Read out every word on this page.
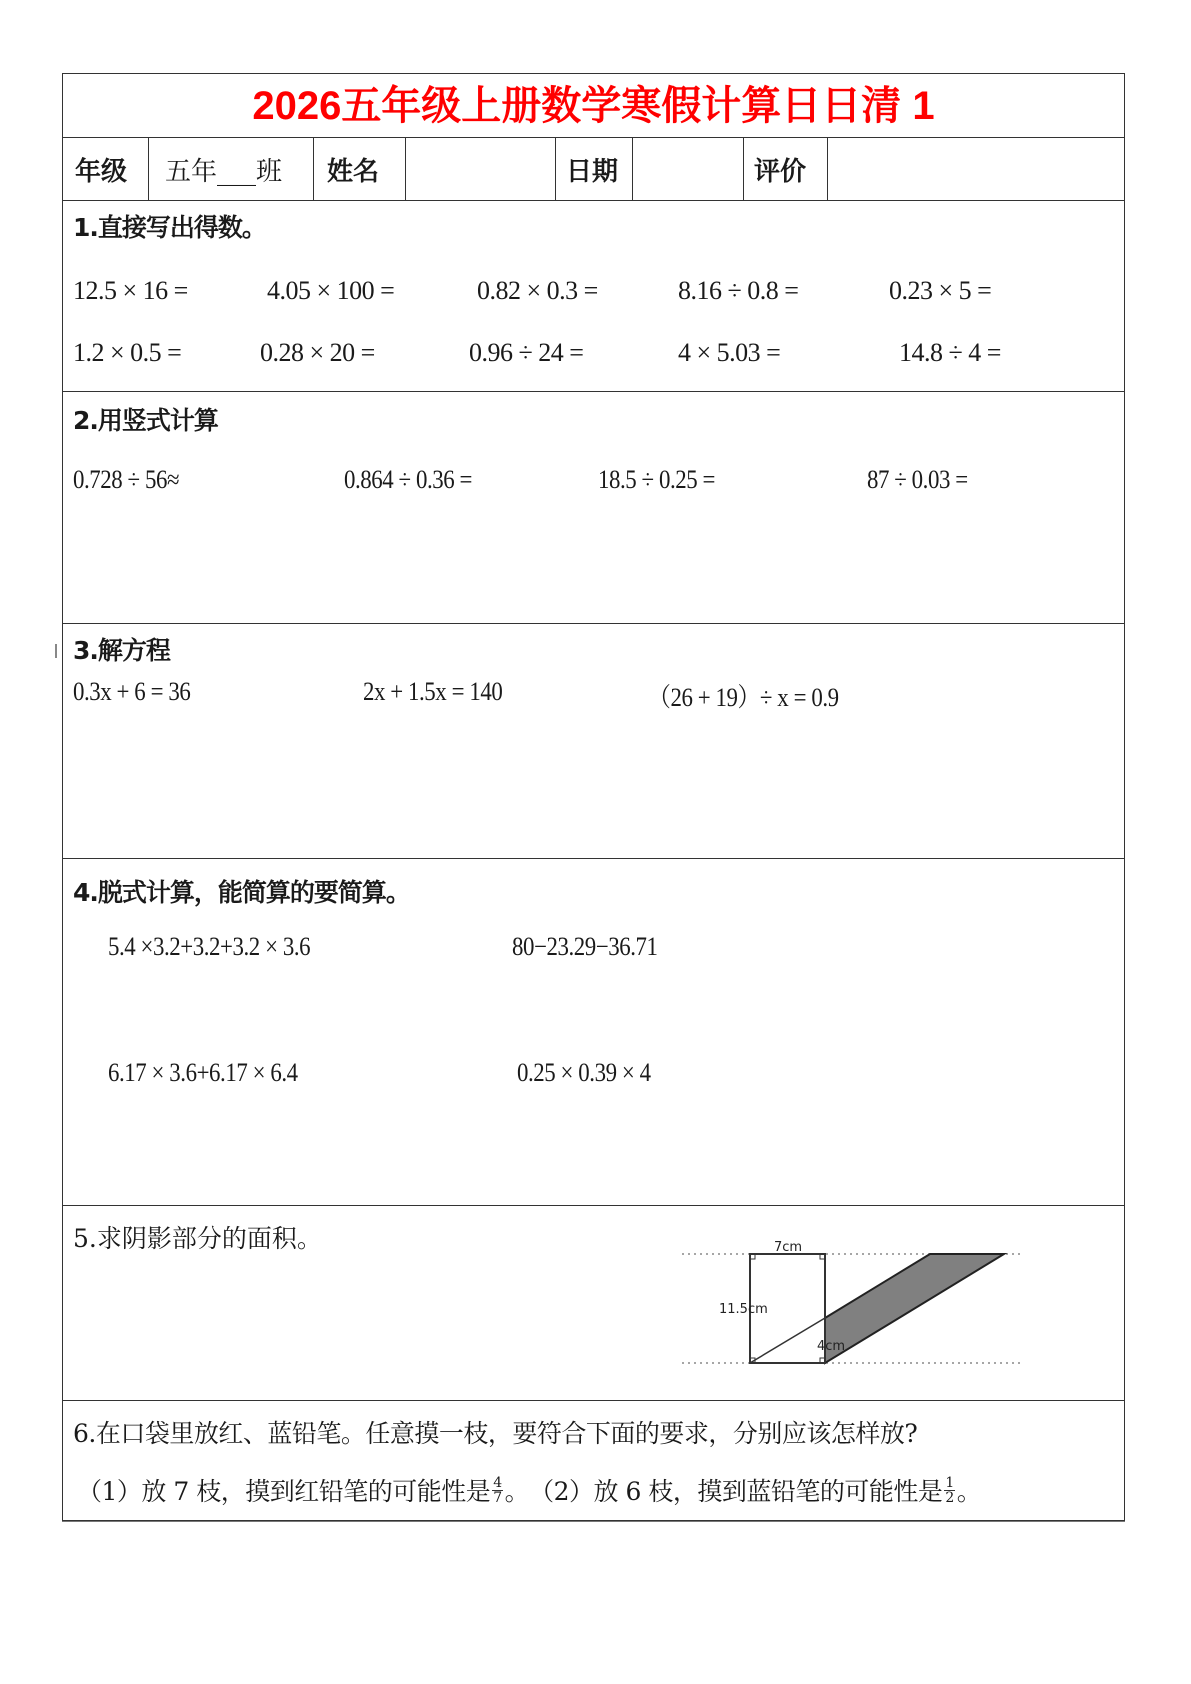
2026五年级上册数学寒假计算日日清 1
年级 五年___班 姓名	日期	评价
1.直接写出得数。
12.5 × 16 =	4.05 × 100 =	0.82 × 0.3 =	8.16 ÷ 0.8 =	0.23 × 5 =
1.2 × 0.5 =	0.28 × 20 =	0.96 ÷ 24 =	4 × 5.03 =	14.8 ÷ 4 =
2.用竖式计算
0.728 ÷ 56≈	0.864 ÷ 0.36 =	18.5 ÷ 0.25 =	87 ÷ 0.03 =
3.解方程
0.3x + 6 = 36	2x + 1.5x = 140	（26 + 19）÷ x = 0.9
4.脱式计算，能简算的要简算。
5.4 ×3.2+3.2+3.2 × 3.6	80−23.29−36.71
6.17 × 3.6+6.17 × 6.4	0.25 × 0.39 × 4
5.求阴影部分的面积。	7cm
11.5cm
4cm
6.在口袋里放红、蓝铅笔。任意摸一枝，要符合下面的要求，分别应该怎样放?
（1）放 7 枝，摸到红铅笔的可能性是 $\frac{4}{7}$ 。 （2）放 6 枝，摸到蓝铅笔的可能性是 $\frac{1}{2}$ 。
